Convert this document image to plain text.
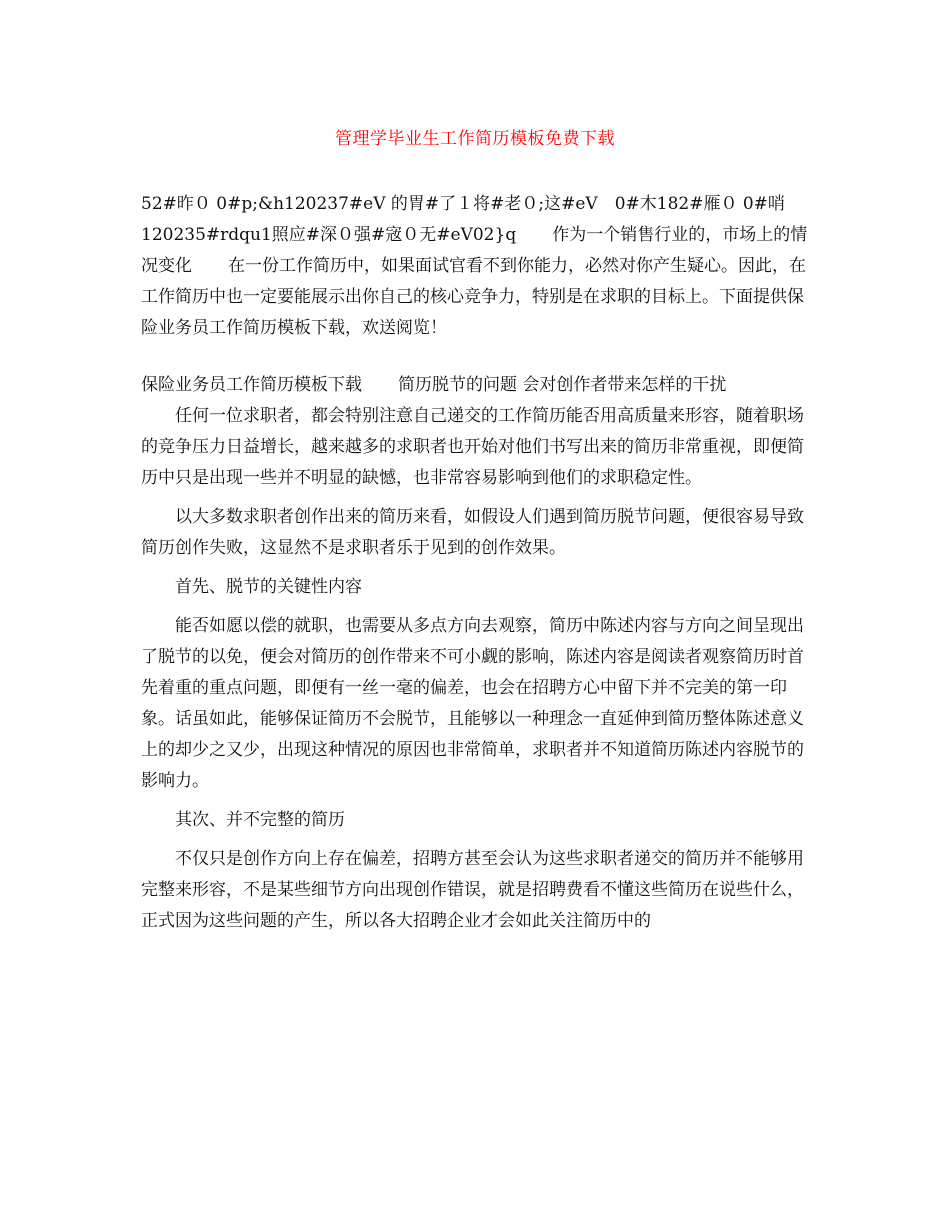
管理学毕业生工作简历模板免费下载

52#昨０ 0#p;&h120237#eV 的胃#了１将#老０;这#eV　0#木182#雁０ 0#哨120235#rdqu1照应#深０强#宼０无#eV02}q 作为一个销售行业的，市场上的情况变化 在一份工作简历中，如果面试官看不到你能力，必然对你产生疑心。因此，在工作简历中也一定要能展示出你自己的核心竞争力，特别是在求职的目标上。下面提供保险业务员工作简历模板下载，欢送阅览！

保险业务员工作简历模板下载 简历脱节的问题 会对创作者带来怎样的干扰

任何一位求职者，都会特别注意自己递交的工作简历能否用高质量来形容，随着职场的竞争压力日益增长，越来越多的求职者也开始对他们书写出来的简历非常重视，即便简历中只是出现一些并不明显的缺憾，也非常容易影响到他们的求职稳定性。

以大多数求职者创作出来的简历来看，如假设人们遇到简历脱节问题，便很容易导致简历创作失败，这显然不是求职者乐于见到的创作效果。

首先、脱节的关键性内容

能否如愿以偿的就职，也需要从多点方向去观察，简历中陈述内容与方向之间呈现出了脱节的以免，便会对简历的创作带来不可小觑的影响，陈述内容是阅读者观察简历时首先着重的重点问题，即便有一丝一毫的偏差，也会在招聘方心中留下并不完美的第一印象。话虽如此，能够保证简历不会脱节，且能够以一种理念一直延伸到简历整体陈述意义上的却少之又少，出现这种情况的原因也非常简单，求职者并不知道简历陈述内容脱节的影响力。

其次、并不完整的简历

不仅只是创作方向上存在偏差，招聘方甚至会认为这些求职者递交的简历并不能够用完整来形容，不是某些细节方向出现创作错误，就是招聘费看不懂这些简历在说些什么，正式因为这些问题的产生，所以各大招聘企业才会如此关注简历中的
